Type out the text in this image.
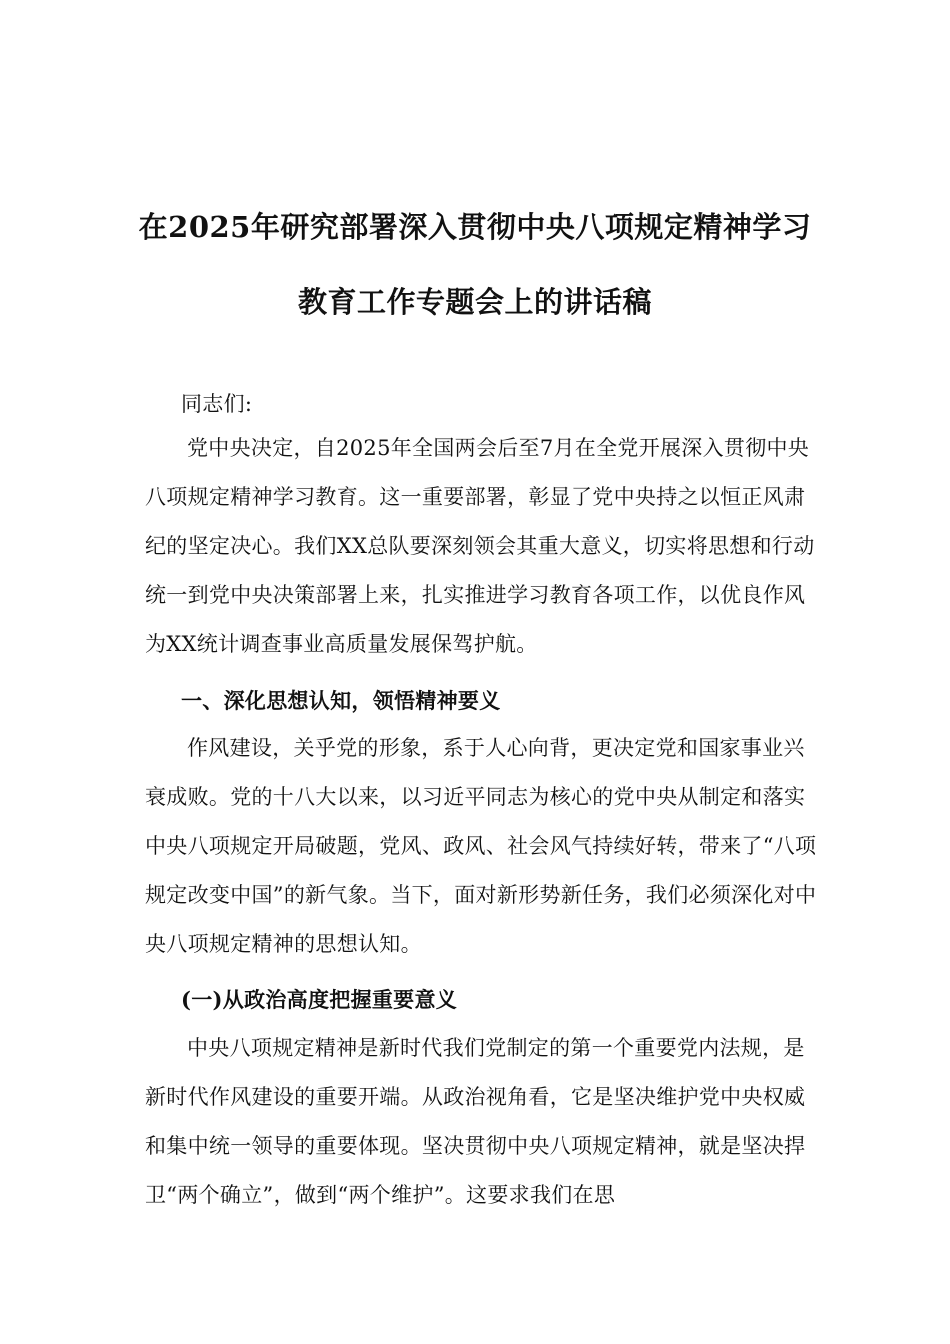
在2025年研究部署深入贯彻中央八项规定精神学习
教育工作专题会上的讲话稿

同志们:

党中央决定，自2025年全国两会后至7月在全党开展深入贯彻中央八项规定精神学习教育。这一重要部署，彰显了党中央持之以恒正风肃纪的坚定决心。我们XX总队要深刻领会其重大意义，切实将思想和行动统一到党中央决策部署上来，扎实推进学习教育各项工作，以优良作风为XX统计调查事业高质量发展保驾护航。

一、深化思想认知，领悟精神要义

作风建设，关乎党的形象，系于人心向背，更决定党和国家事业兴衰成败。党的十八大以来，以习近平同志为核心的党中央从制定和落实中央八项规定开局破题，党风、政风、社会风气持续好转，带来了“八项规定改变中国”的新气象。当下，面对新形势新任务，我们必须深化对中央八项规定精神的思想认知。

(一)从政治高度把握重要意义

中央八项规定精神是新时代我们党制定的第一个重要党内法规，是新时代作风建设的重要开端。从政治视角看，它是坚决维护党中央权威和集中统一领导的重要体现。坚决贯彻中央八项规定精神，就是坚决捍卫“两个确立”，做到“两个维护”。这要求我们在思
